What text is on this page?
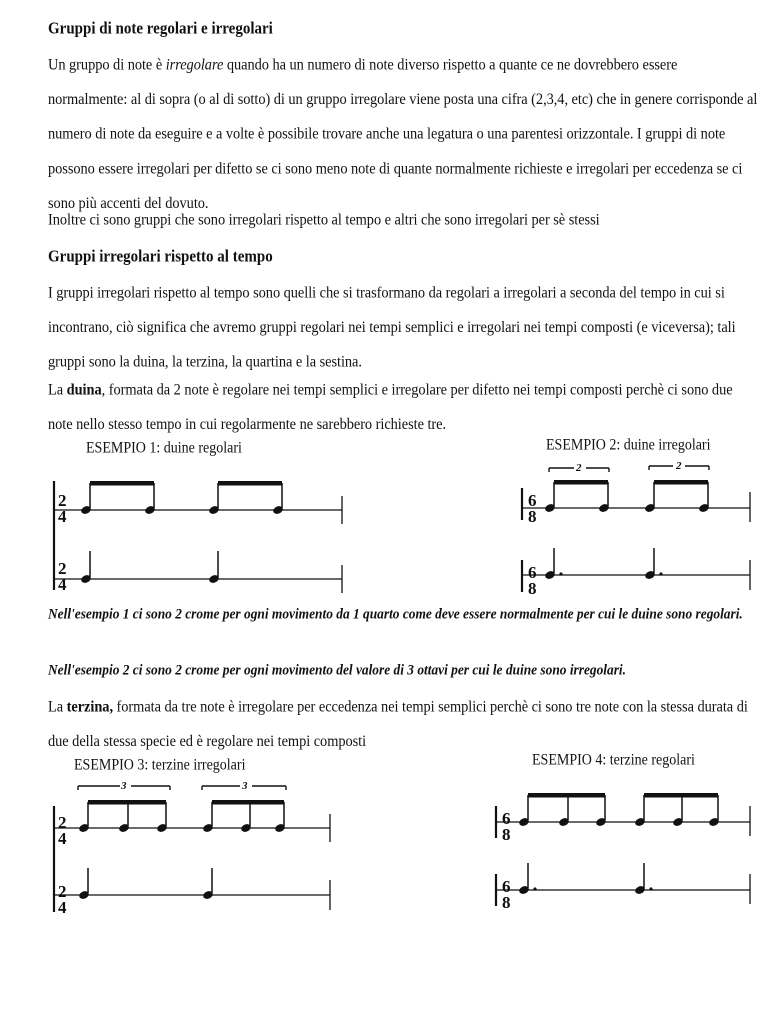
Gruppi di note regolari e irregolari

Un gruppo di note è irregolare quando ha un numero di note diverso rispetto a quante ce ne dovrebbero essere normalmente: al di sopra (o al di sotto) di un gruppo irregolare viene posta una cifra (2,3,4, etc) che in genere corrisponde al numero di note da eseguire e a volte è possibile trovare anche una legatura o una parentesi orizzontale. I gruppi di note possono essere irregolari per difetto se ci sono meno note di quante normalmente richieste e irregolari per eccedenza se ci sono più accenti del dovuto.

Inoltre ci sono gruppi che sono irregolari rispetto al tempo e altri che sono irregolari per sè stessi

Gruppi irregolari rispetto al tempo

I gruppi irregolari rispetto al tempo sono quelli che si trasformano da regolari a irregolari a seconda del tempo in cui si incontrano, ciò significa che avremo gruppi regolari nei tempi semplici e irregolari nei tempi composti (e viceversa); tali gruppi sono la duina, la terzina, la quartina e la sestina.

La duina, formata da 2 note è regolare nei tempi semplici e irregolare per difetto nei tempi composti perchè ci sono due note nello stesso tempo in cui regolarmente ne sarebbero richieste tre.

ESEMPIO 1: duine regolari	ESEMPIO 2: duine irregolari

Nell'esempio 1 ci sono 2 crome per ogni movimento da 1 quarto come deve essere normalmente per cui le duine sono regolari.

Nell'esempio 2 ci sono 2 crome per ogni movimento del valore di 3 ottavi per cui le duine sono irregolari.

La terzina, formata da tre note è irregolare per eccedenza nei tempi semplici perchè ci sono tre note con la stessa durata di due della stessa specie ed è regolare nei tempi composti

ESEMPIO 3: terzine irregolari	ESEMPIO 4: terzine regolari
2
4
2
4
6
8
2	2
6
8
2
4
3	3
2
4
6
8
6
8
